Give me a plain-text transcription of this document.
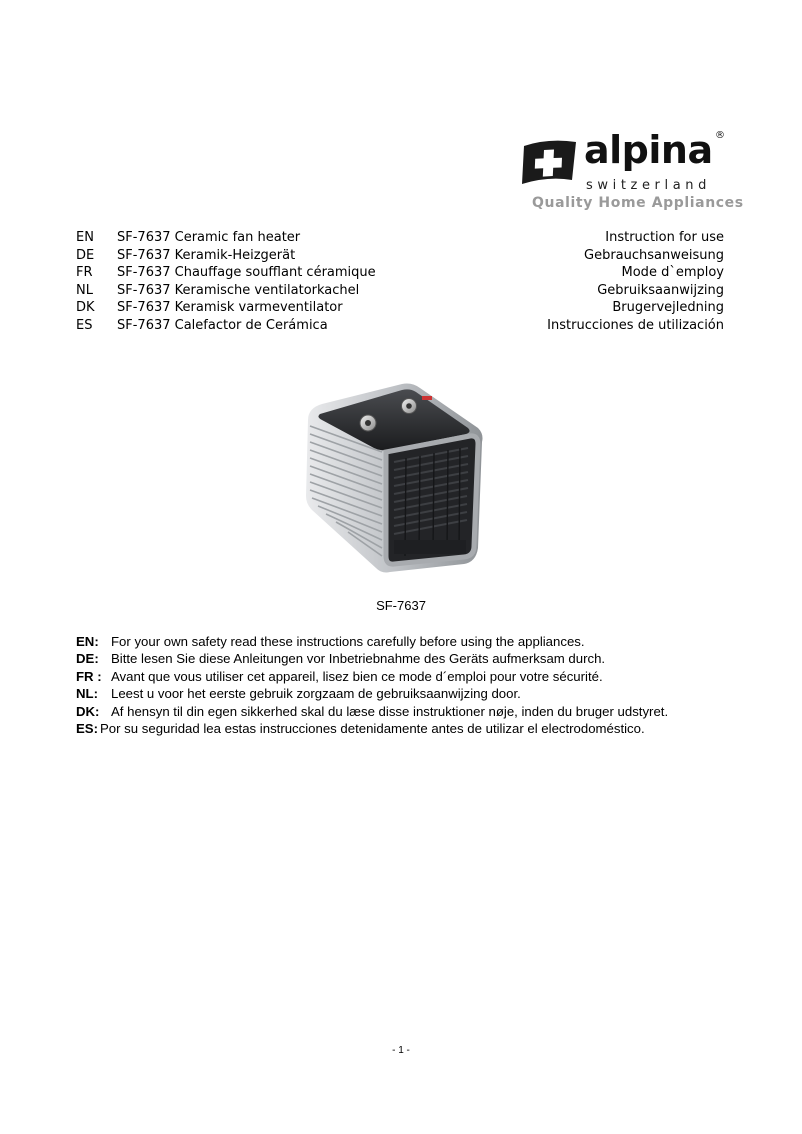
alpina ®
switzerland
Quality Home Appliances
EN SF-7637 Ceramic fan heater	Instruction for use
DE SF-7637 Keramik-Heizgerät	Gebrauchsanweisung
FR SF-7637 Chauffage soufflant céramique	Mode d`employ
NL SF-7637 Keramische ventilatorkachel	Gebruiksaanwijzing
DK SF-7637 Keramisk varmeventilator	Brugervejledning
ES SF-7637 Calefactor de Cerámica	Instrucciones de utilización
SF-7637
EN: For your own safety read these instructions carefully before using the appliances.
DE: Bitte lesen Sie diese Anleitungen vor Inbetriebnahme des Geräts aufmerksam durch.
FR : Avant que vous utiliser cet appareil, lisez bien ce mode d´emploi pour votre sécurité.
NL: Leest u voor het eerste gebruik zorgzaam de gebruiksaanwijzing door.
DK: Af hensyn til din egen sikkerhed skal du læse disse instruktioner nøje, inden du bruger udstyret.
ES: Por su seguridad lea estas instrucciones detenidamente antes de utilizar el electrodoméstico.
- 1 -
